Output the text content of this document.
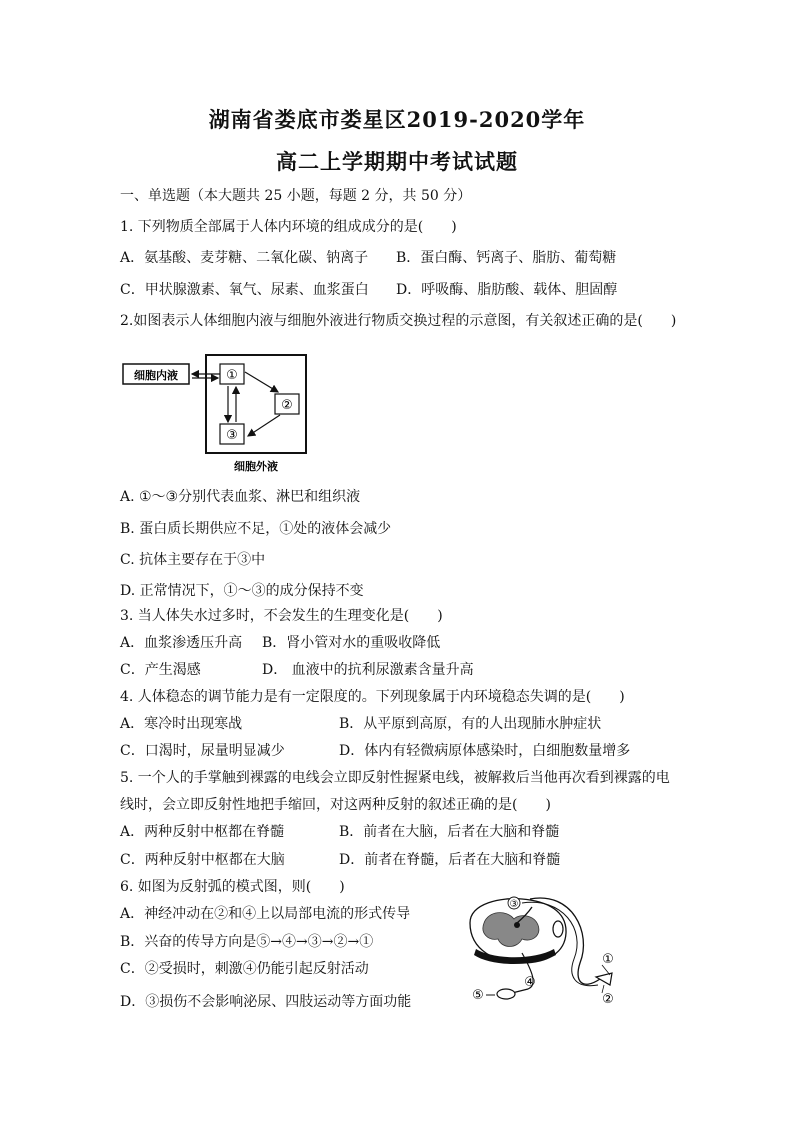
湖南省娄底市娄星区2019-2020学年
高二上学期期中考试试题
一、单选题（本大题共 25 小题，每题 2 分，共 50 分）
1. 下列物质全部属于人体内环境的组成成分的是(　　)
A．氨基酸、麦芽糖、二氧化碳、钠离子 B．蛋白酶、钙离子、脂肪、葡萄糖
C．甲状腺激素、氧气、尿素、血浆蛋白 D．呼吸酶、脂肪酸、载体、胆固醇
2.如图表示人体细胞内液与细胞外液进行物质交换过程的示意图，有关叙述正确的是(　　)
细胞内液	①
②
③
细胞外液
A. ①～③分别代表血浆、淋巴和组织液
B. 蛋白质长期供应不足，①处的液体会减少
C. 抗体主要存在于③中
D. 正常情况下，①～③的成分保持不变
3. 当人体失水过多时，不会发生的生理变化是(　　)
A．血浆渗透压升高 B．肾小管对水的重吸收降低
C．产生渴感	D． 血液中的抗利尿激素含量升高
4. 人体稳态的调节能力是有一定限度的。下列现象属于内环境稳态失调的是(　　)
A．寒冷时出现寒战	B．从平原到高原，有的人出现肺水肿症状
C．口渴时，尿量明显减少	D．体内有轻微病原体感染时，白细胞数量增多
5. 一个人的手掌触到裸露的电线会立即反射性握紧电线，被解救后当他再次看到裸露的电
线时，会立即反射性地把手缩回，对这两种反射的叙述正确的是(　　)
A．两种反射中枢都在脊髓	B．前者在大脑，后者在大脑和脊髓
C．两种反射中枢都在大脑	D．前者在脊髓，后者在大脑和脊髓
6. 如图为反射弧的模式图，则(　　)
A．神经冲动在②和④上以局部电流的形式传导
B．兴奋的传导方向是⑤→④→③→②→①
C．②受损时，刺激④仍能引起反射活动
D．③损伤不会影响泌尿、四肢运动等方面功能
③
①
②
④
⑤
